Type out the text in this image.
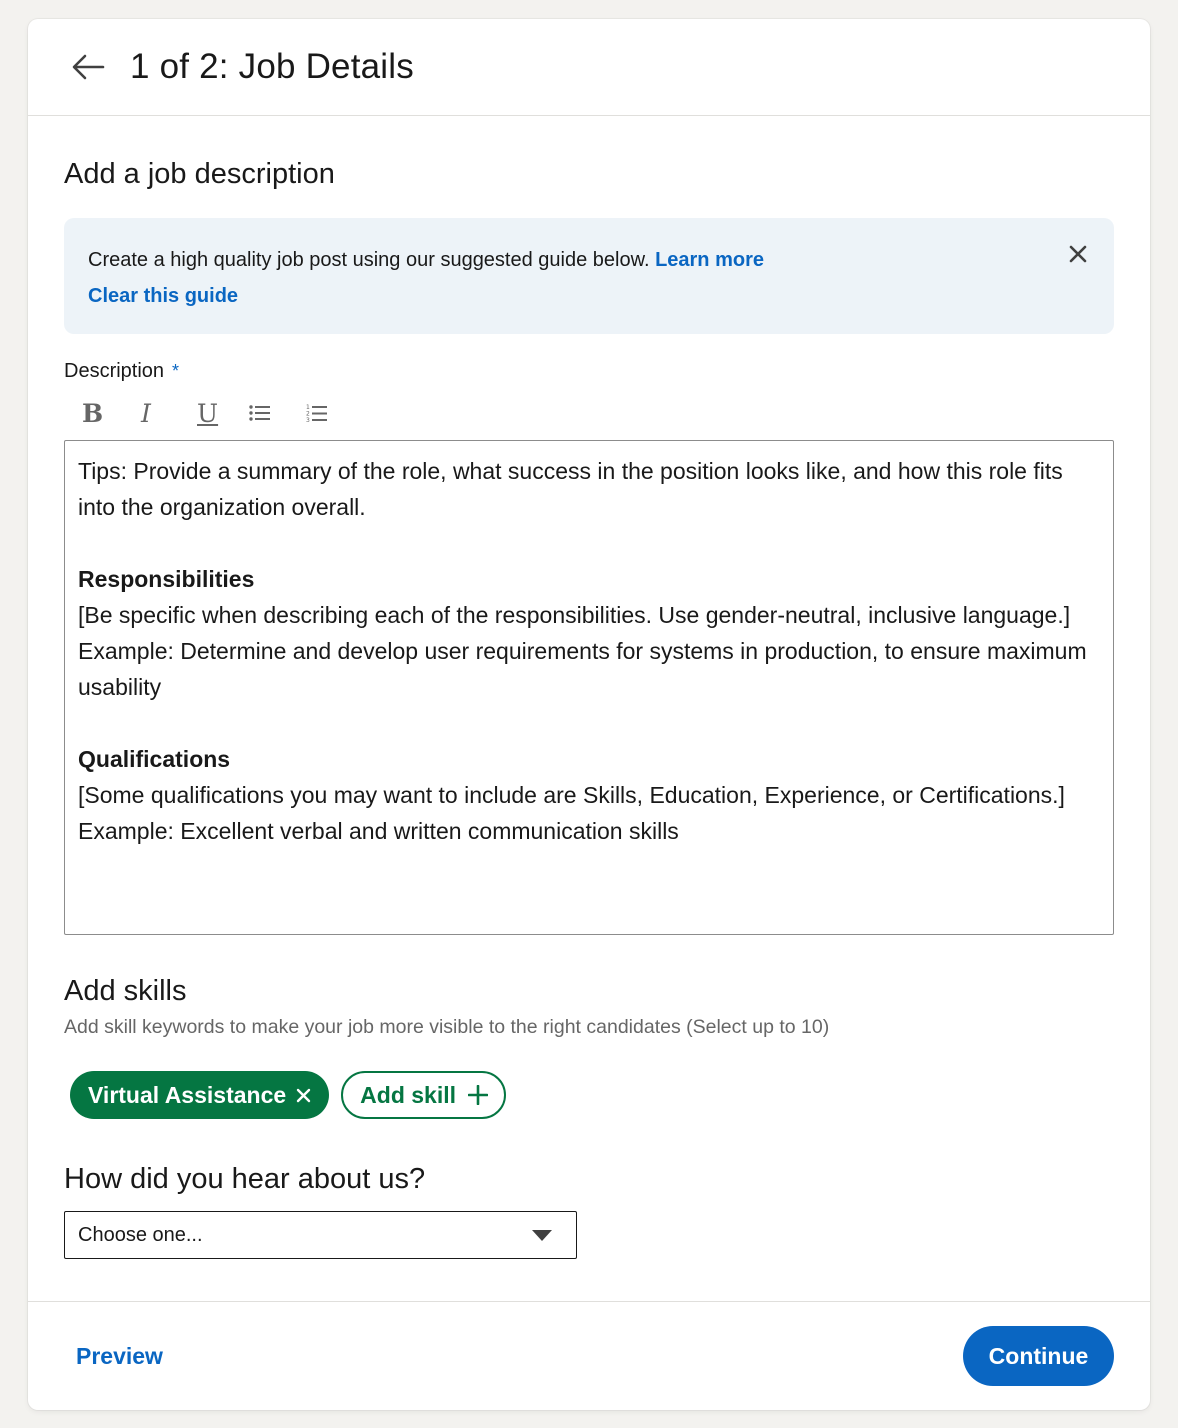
1 of 2: Job Details
Add a job description
Create a high quality job post using our suggested guide below. Learn more
Clear this guide
Description *
B I U	1
2
3

Tips: Provide a summary of the role, what success in the position looks like, and how this role fits into the organization overall.

Responsibilities

[Be specific when describing each of the responsibilities. Use gender-neutral, inclusive language.]

Example: Determine and develop user requirements for systems in production, to ensure maximum usability

Qualifications

[Some qualifications you may want to include are Skills, Education, Experience, or Certifications.]

Example: Excellent verbal and written communication skills

Add skills
Add skill keywords to make your job more visible to the right candidates (Select up to 10)
Virtual Assistance	Add skill
How did you hear about us?
Choose one...
Preview	Continue
